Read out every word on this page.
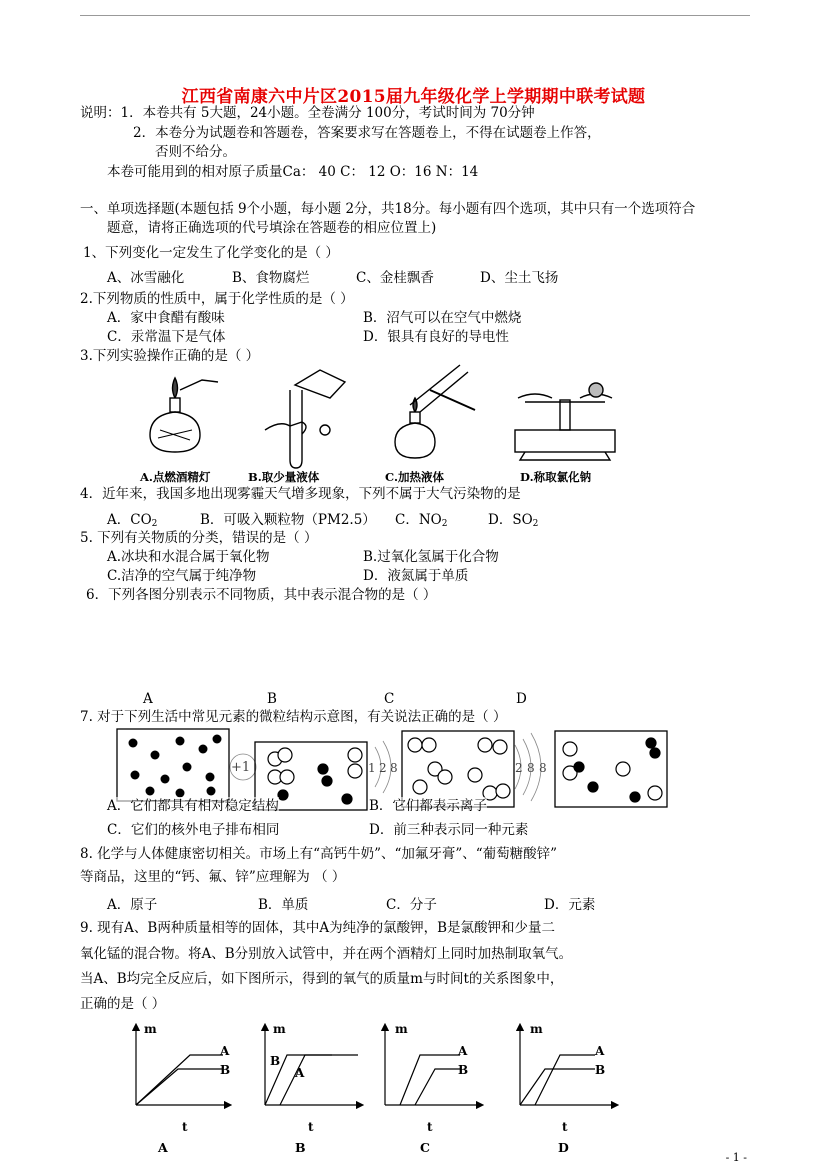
江西省南康六中片区2015届九年级化学上学期期中联考试题
说明：1．本卷共有 5大题，24小题。全卷满分 100分，考试时间为 70分钟
2．本卷分为试题卷和答题卷，答案要求写在答题卷上，不得在试题卷上作答，
否则不给分。
本卷可能用到的相对原子质量Ca： 40 C： 12 O：16 N：14
一、单项选择题(本题包括 9个小题，每小题 2分，共18分。每小题有四个选项，其中只有一个选项符合
题意，请将正确选项的代号填涂在答题卷的相应位置上)
1、下列变化一定发生了化学变化的是（ ）
A、冰雪融化	B、食物腐烂	C、金桂飘香	D、尘土飞扬
2.下列物质的性质中，属于化学性质的是（ ）
A．家中食醋有酸味	B．沼气可以在空气中燃烧
C．汞常温下是气体	D．银具有良好的导电性
3.下列实验操作正确的是（ ）
A.点燃酒精灯	B.取少量液体	C.加热液体	D.称取氯化钠
4．近年来，我国多地出现雾霾天气增多现象，下列不属于大气污染物的是
A．$CO_2$	B．可吸入颗粒物（PM2.5） C．$NO_2$	D．$SO_2$
5. 下列有关物质的分类，错误的是（ ）
A.冰块和水混合属于氧化物	B.过氧化氢属于化合物
C.洁净的空气属于纯净物	D．液氮属于单质
6．下列各图分别表示不同物质，其中表示混合物的是（ ）
A	B	C	D
7. 对于下列生活中常见元素的微粒结构示意图，有关说法正确的是（ ）
+1	1 2 8	2 8 8
A．它们都具有相对稳定结构	B．它们都表示离子
C．它们的核外电子排布相同	D．前三种表示同一种元素
8. 化学与人体健康密切相关。市场上有“高钙牛奶”、“加氟牙膏”、“葡萄糖酸锌”
等商品，这里的“钙、氟、锌”应理解为 （ ）
A．原子	B．单质	C．分子	D．元素
9. 现有A、B两种质量相等的固体，其中A为纯净的氯酸钾，B是氯酸钾和少量二
氧化锰的混合物。将A、B分别放入试管中，并在两个酒精灯上同时加热制取氧气。
当A、B均完全反应后，如下图所示，得到的氧气的质量m与时间t的关系图象中，
正确的是（ ）
m
t
A
B
A
m
t
B
A
B
m
t
A
B
C
m
t
A
B
D
- 1 -
